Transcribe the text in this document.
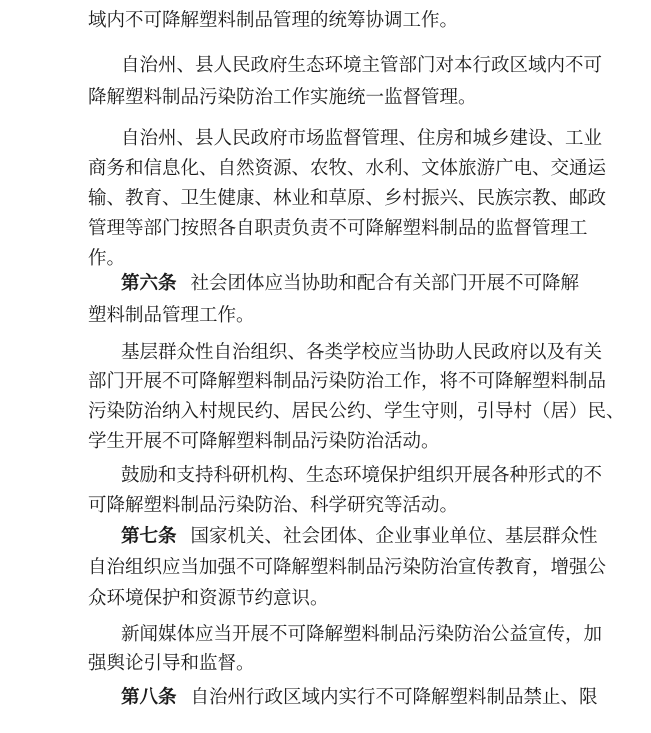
域内不可降解塑料制品管理的统筹协调工作。
自治州、县人民政府生态环境主管部门对本行政区域内不可
降解塑料制品污染防治工作实施统一监督管理。
自治州、县人民政府市场监督管理、住房和城乡建设、工业
商务和信息化、自然资源、农牧、水利、文体旅游广电、交通运
输、教育、卫生健康、林业和草原、乡村振兴、民族宗教、邮政
管理等部门按照各自职责负责不可降解塑料制品的监督管理工
作。
第六条 社会团体应当协助和配合有关部门开展不可降解
塑料制品管理工作。
基层群众性自治组织、各类学校应当协助人民政府以及有关
部门开展不可降解塑料制品污染防治工作，将不可降解塑料制品
污染防治纳入村规民约、居民公约、学生守则，引导村（居）民、
学生开展不可降解塑料制品污染防治活动。
鼓励和支持科研机构、生态环境保护组织开展各种形式的不
可降解塑料制品污染防治、科学研究等活动。
第七条 国家机关、社会团体、企业事业单位、基层群众性
自治组织应当加强不可降解塑料制品污染防治宣传教育，增强公
众环境保护和资源节约意识。
新闻媒体应当开展不可降解塑料制品污染防治公益宣传，加
强舆论引导和监督。
第八条 自治州行政区域内实行不可降解塑料制品禁止、限
